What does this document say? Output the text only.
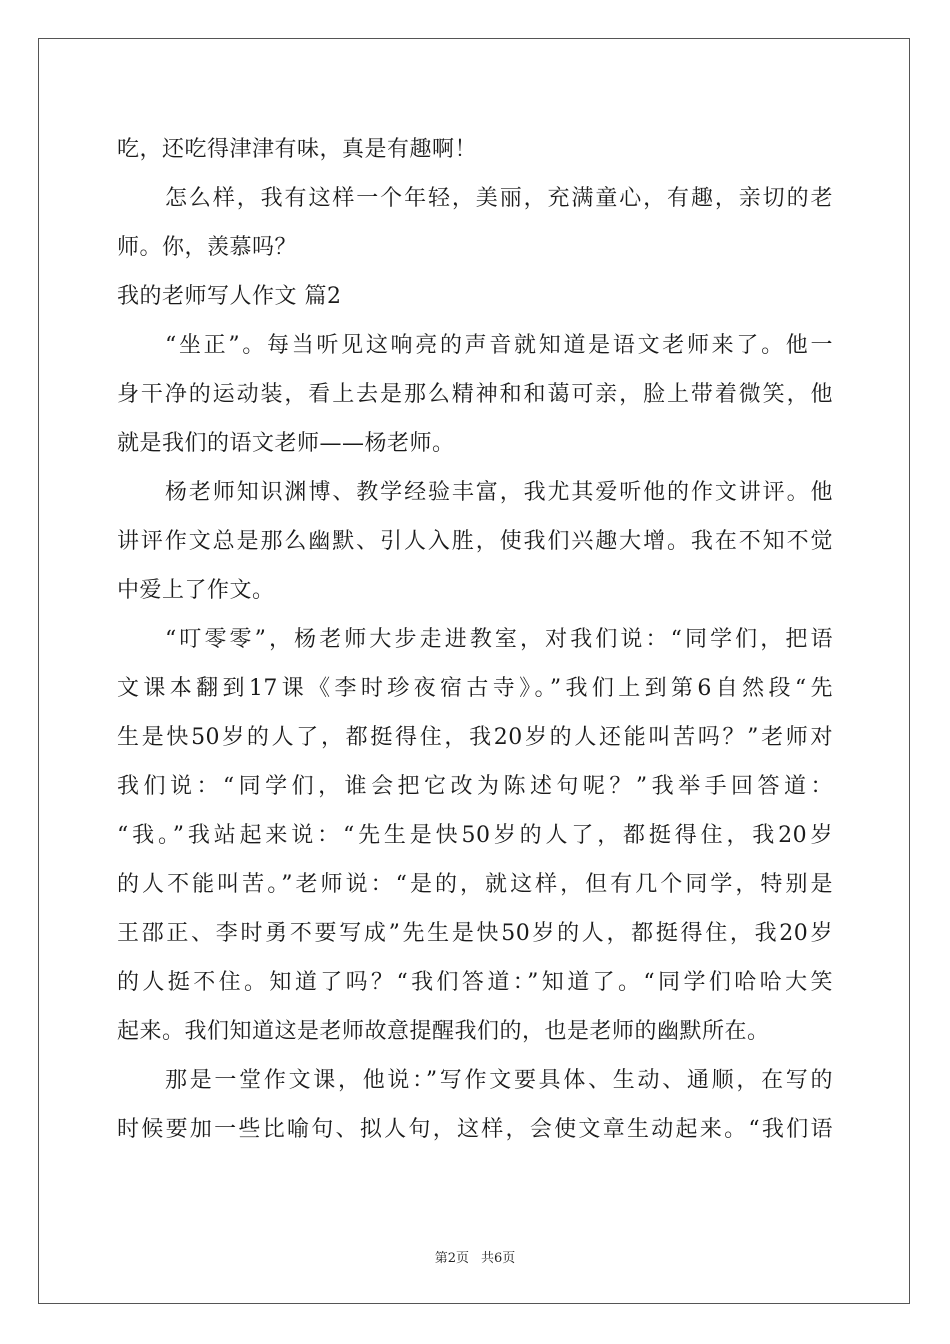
吃，还吃得津津有味，真是有趣啊！
怎么样，我有这样一个年轻，美丽，充满童心，有趣，亲切的老
师。你，羡慕吗？
我的老师写人作文 篇2
“坐正”。每当听见这响亮的声音就知道是语文老师来了。他一
身干净的运动装，看上去是那么精神和和蔼可亲，脸上带着微笑，他
就是我们的语文老师——杨老师。
杨老师知识渊博、教学经验丰富，我尤其爱听他的作文讲评。他
讲评作文总是那么幽默、引人入胜，使我们兴趣大增。我在不知不觉
中爱上了作文。
“叮零零”，杨老师大步走进教室，对我们说：“同学们，把语
文课本翻到17课《李时珍夜宿古寺》。”我们上到第6自然段“先
生是快50岁的人了，都挺得住，我20岁的人还能叫苦吗？”老师对
我们说：“同学们，谁会把它改为陈述句呢？”我举手回答道：
“我。”我站起来说：“先生是快50岁的人了，都挺得住，我20岁
的人不能叫苦。”老师说：“是的，就这样，但有几个同学，特别是
王邵正、李时勇不要写成”先生是快50岁的人，都挺得住，我20岁
的人挺不住。知道了吗？“我们答道：”知道了。“同学们哈哈大笑
起来。我们知道这是老师故意提醒我们的，也是老师的幽默所在。
那是一堂作文课，他说：”写作文要具体、生动、通顺，在写的
时候要加一些比喻句、拟人句，这样，会使文章生动起来。“我们语
第2页 共6页
